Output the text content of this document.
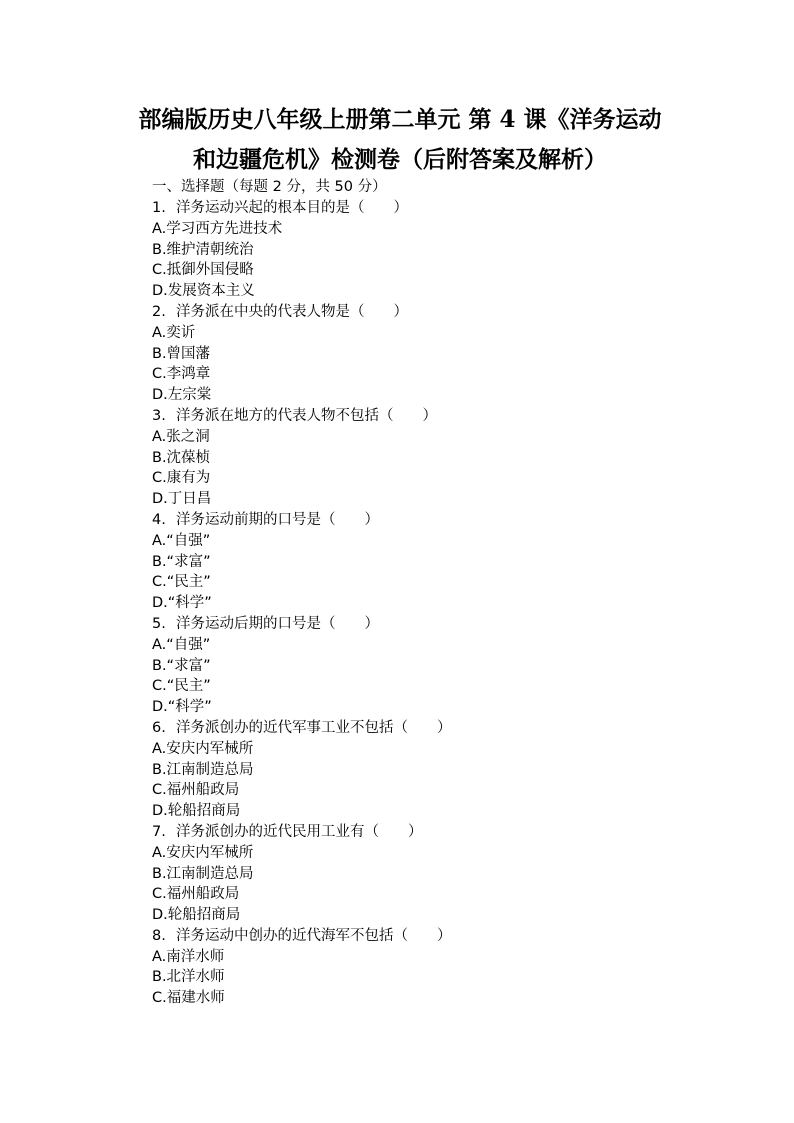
部编版历史八年级上册第二单元 第 4 课《洋务运动
和边疆危机》检测卷（后附答案及解析）
一、选择题（每题 2 分，共 50 分）
1. 洋务运动兴起的根本目的是（　　）
A.学习西方先进技术
B.维护清朝统治
C.抵御外国侵略
D.发展资本主义
2. 洋务派在中央的代表人物是（　　）
A.奕䜣
B.曾国藩
C.李鸿章
D.左宗棠
3. 洋务派在地方的代表人物不包括（　　）
A.张之洞
B.沈葆桢
C.康有为
D.丁日昌
4. 洋务运动前期的口号是（　　）
A.“自强”
B.“求富”
C.“民主”
D.“科学”
5. 洋务运动后期的口号是（　　）
A.“自强”
B.“求富”
C.“民主”
D.“科学”
6. 洋务派创办的近代军事工业不包括（　　）
A.安庆内军械所
B.江南制造总局
C.福州船政局
D.轮船招商局
7. 洋务派创办的近代民用工业有（　　）
A.安庆内军械所
B.江南制造总局
C.福州船政局
D.轮船招商局
8. 洋务运动中创办的近代海军不包括（　　）
A.南洋水师
B.北洋水师
C.福建水师
